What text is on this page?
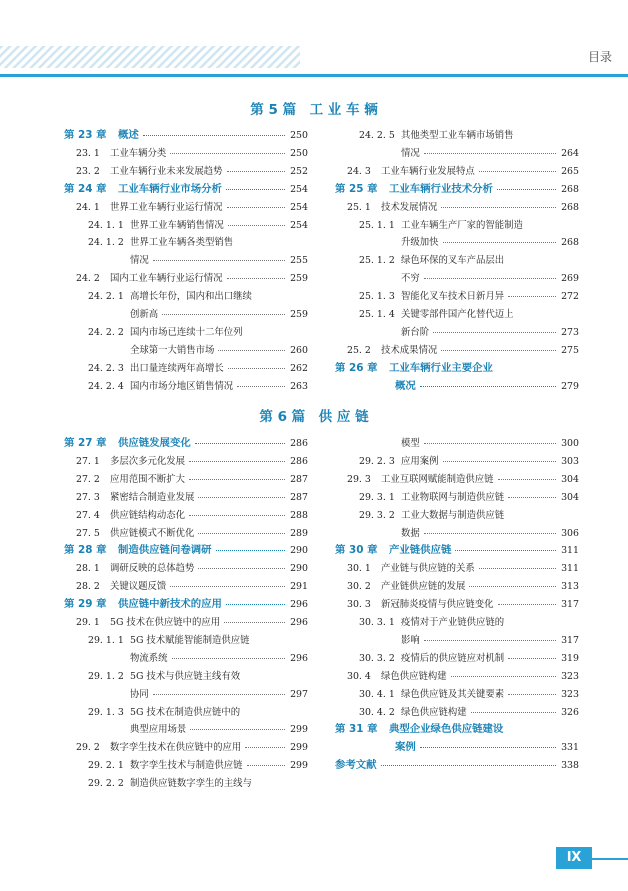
目录
第 5 篇　工 业 车 辆
第 6 篇　供 应 链
第 23 章 概述	250
23. 1 工业车辆分类	250
23. 2 工业车辆行业未来发展趋势	252
第 24 章 工业车辆行业市场分析	254
24. 1 世界工业车辆行业运行情况	254
24. 1. 1 世界工业车辆销售情况	254
24. 1. 2 世界工业车辆各类型销售
情况	255
24. 2 国内工业车辆行业运行情况	259
24. 2. 1 高增长年份，国内和出口继续
创新高	259
24. 2. 2 国内市场已连续十二年位列
全球第一大销售市场	260
24. 2. 3 出口量连续两年高增长	262
24. 2. 4 国内市场分地区销售情况	263
24. 2. 5 其他类型工业车辆市场销售
情况	264
24. 3 工业车辆行业发展特点	265
第 25 章 工业车辆行业技术分析	268
25. 1 技术发展情况	268
25. 1. 1 工业车辆生产厂家的智能制造
升级加快	268
25. 1. 2 绿色环保的叉车产品层出
不穷	269
25. 1. 3 智能化叉车技术日新月异	272
25. 1. 4 关键零部件国产化替代迈上
新台阶	273
25. 2 技术成果情况	275
第 26 章 工业车辆行业主要企业
概况	279
第 27 章 供应链发展变化	286
27. 1 多层次多元化发展	286
27. 2 应用范围不断扩大	287
27. 3 紧密结合制造业发展	287
27. 4 供应链结构动态化	288
27. 5 供应链模式不断优化	289
第 28 章 制造供应链问卷调研	290
28. 1 调研反映的总体趋势	290
28. 2 关键议题反馈	291
第 29 章 供应链中新技术的应用	296
29. 1 5G 技术在供应链中的应用	296
29. 1. 1 5G 技术赋能智能制造供应链
物流系统	296
29. 1. 2 5G 技术与供应链主线有效
协同	297
29. 1. 3 5G 技术在制造供应链中的
典型应用场景	299
29. 2 数字孪生技术在供应链中的应用	299
29. 2. 1 数字孪生技术与制造供应链	299
29. 2. 2 制造供应链数字孪生的主线与
模型	300
29. 2. 3 应用案例	303
29. 3 工业互联网赋能制造供应链	304
29. 3. 1 工业物联网与制造供应链	304
29. 3. 2 工业大数据与制造供应链
数据	306
第 30 章 产业链供应链	311
30. 1 产业链与供应链的关系	311
30. 2 产业链供应链的发展	313
30. 3 新冠肺炎疫情与供应链变化	317
30. 3. 1 疫情对于产业链供应链的
影响	317
30. 3. 2 疫情后的供应链应对机制	319
30. 4 绿色供应链构建	323
30. 4. 1 绿色供应链及其关键要素	323
30. 4. 2 绿色供应链构建	326
第 31 章 典型企业绿色供应链建设
案例	331
参考文献	338
Ⅸ
